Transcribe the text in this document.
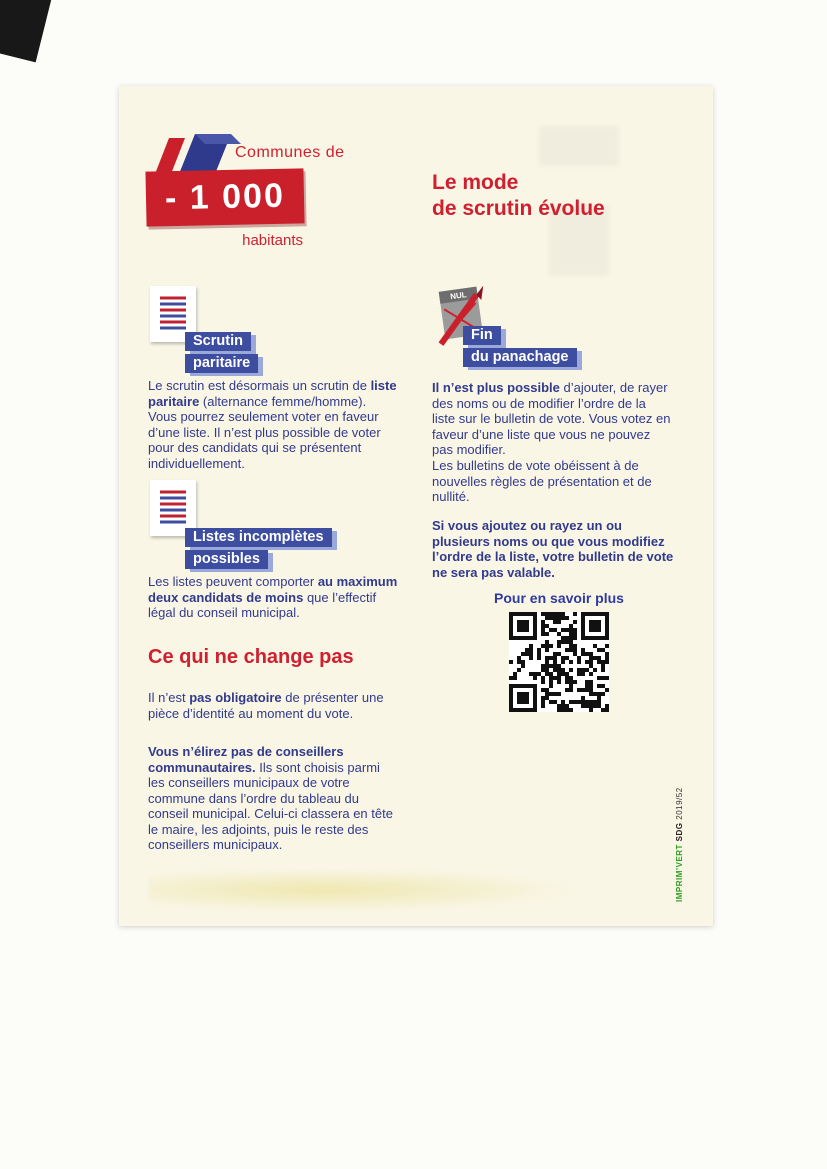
Communes de
- 1 000
habitants
Le mode
de scrutin évolue
Scrutin
paritaire

Le scrutin est désormais un scrutin de liste paritaire (alternance femme/homme). Vous pourrez seulement voter en faveur d’une liste. Il n’est plus possible de voter pour des candidats qui se présentent individuellement.

Listes incomplètes
possibles

Les listes peuvent comporter au maximum deux candidats de moins que l’effectif légal du conseil municipal.

Ce qui ne change pas

Il n’est pas obligatoire de présenter une pièce d’identité au moment du vote.

Vous n’élirez pas de conseillers communautaires. Ils sont choisis parmi les conseillers municipaux de votre commune dans l’ordre du tableau du conseil municipal. Celui-ci classera en tête le maire, les adjoints, puis le reste des conseillers municipaux.

NUL
Fin
du panachage

Il n’est plus possible d’ajouter, de rayer des noms ou de modifier l’ordre de la liste sur le bulletin de vote. Vous votez en faveur d’une liste que vous ne pouvez pas modifier.

Les bulletins de vote obéissent à de nouvelles règles de présentation et de nullité.

Si vous ajoutez ou rayez un ou plusieurs noms ou que vous modifiez l’ordre de la liste, votre bulletin de vote ne sera pas valable.

Pour en savoir plus
IMPRIM’VERT SDG 2019/52
